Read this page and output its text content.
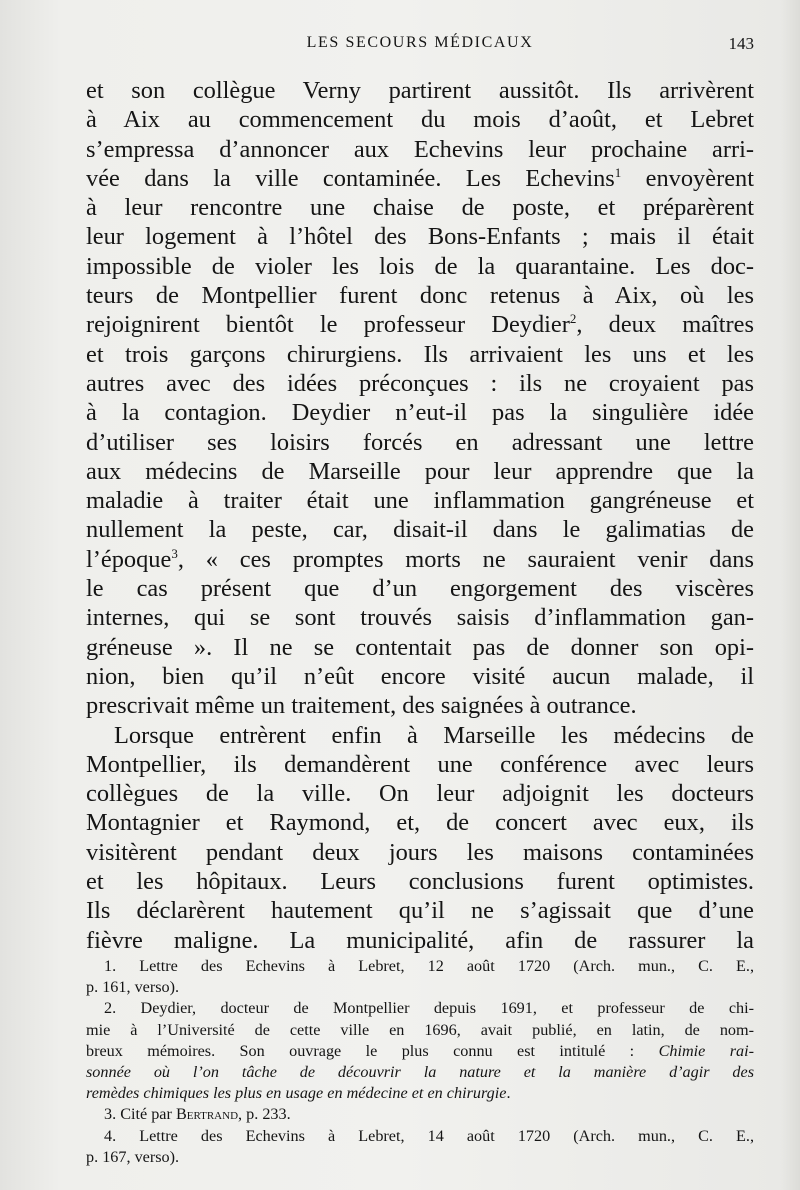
LES SECOURS MÉDICAUX	143
et son collègue Verny partirent aussitôt. Ils arrivèrent
à Aix au commencement du mois d’août, et Lebret
s’empressa d’annoncer aux Echevins leur prochaine arri-
vée dans la ville contaminée. Les Echevins$^1$ envoyèrent
à leur rencontre une chaise de poste, et préparèrent
leur logement à l’hôtel des Bons-Enfants ; mais il était
impossible de violer les lois de la quarantaine. Les doc-
teurs de Montpellier furent donc retenus à Aix, où les
rejoignirent bientôt le professeur Deydier$^2$, deux maîtres
et trois garçons chirurgiens. Ils arrivaient les uns et les
autres avec des idées préconçues : ils ne croyaient pas
à la contagion. Deydier n’eut-il pas la singulière idée
d’utiliser ses loisirs forcés en adressant une lettre
aux médecins de Marseille pour leur apprendre que la
maladie à traiter était une inflammation gangréneuse et
nullement la peste, car, disait-il dans le galimatias de
l’époque$^3$, « ces promptes morts ne sauraient venir dans
le cas présent que d’un engorgement des viscères
internes, qui se sont trouvés saisis d’inflammation gan-
gréneuse ». Il ne se contentait pas de donner son opi-
nion, bien qu’il n’eût encore visité aucun malade, il
prescrivait même un traitement, des saignées à outrance.
Lorsque entrèrent enfin à Marseille les médecins de
Montpellier, ils demandèrent une conférence avec leurs
collègues de la ville. On leur adjoignit les docteurs
Montagnier et Raymond, et, de concert avec eux, ils
visitèrent pendant deux jours les maisons contaminées
et les hôpitaux. Leurs conclusions furent optimistes.
Ils déclarèrent hautement qu’il ne s’agissait que d’une
fièvre maligne. La municipalité, afin de rassurer la
1. Lettre des Echevins à Lebret, 12 août 1720 (Arch. mun., C. E.,
p. 161, verso).
2. Deydier, docteur de Montpellier depuis 1691, et professeur de chi-
mie à l’Université de cette ville en 1696, avait publié, en latin, de nom-
breux mémoires. Son ouvrage le plus connu est intitulé : Chimie rai-
sonnée où l’on tâche de découvrir la nature et la manière d’agir des
remèdes chimiques les plus en usage en médecine et en chirurgie.
3. Cité par Bertrand, p. 233.
4. Lettre des Echevins à Lebret, 14 août 1720 (Arch. mun., C. E.,
p. 167, verso).
